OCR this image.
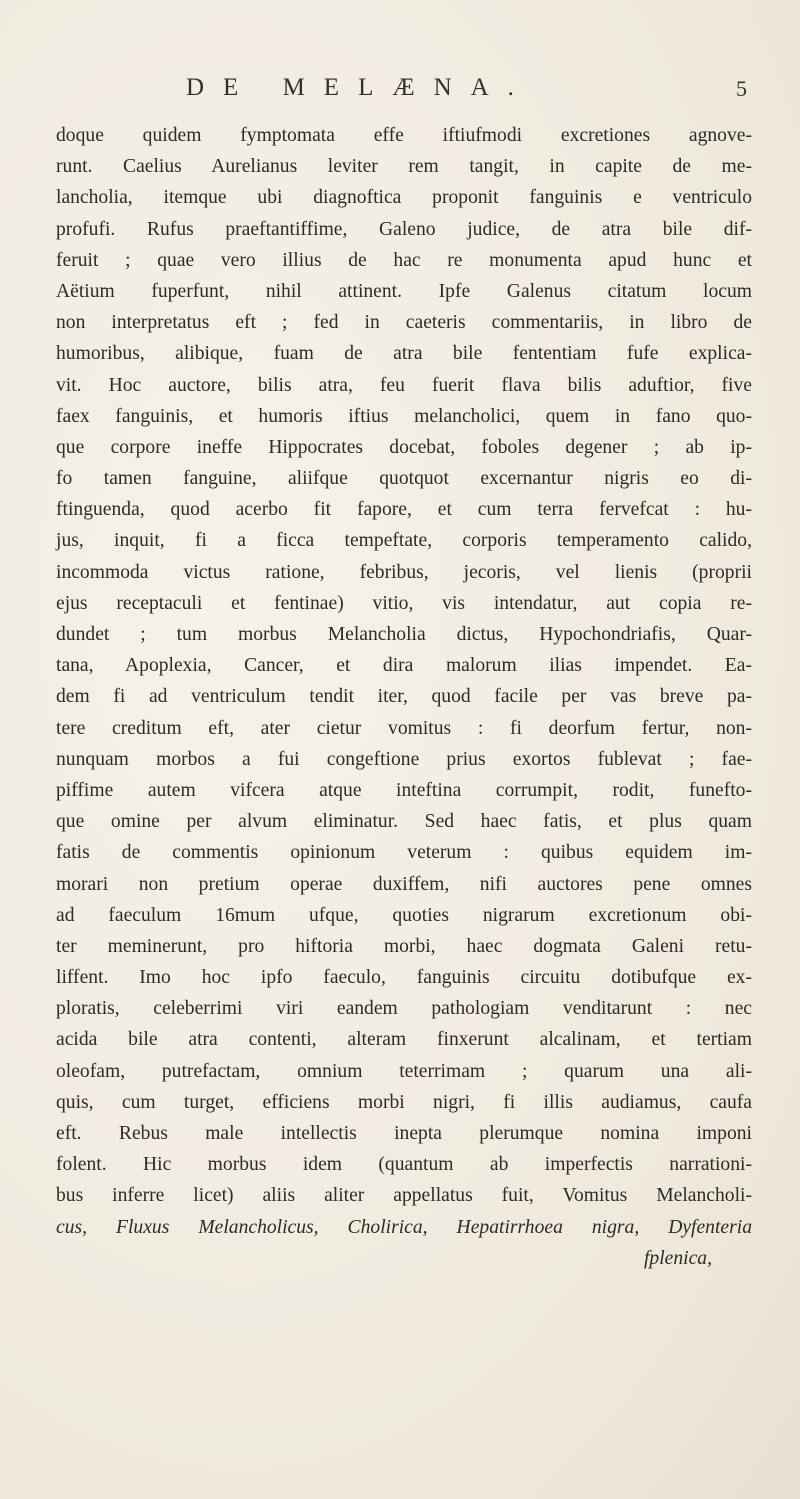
DE MELÆNA.	5
doque quidem fymptomata effe iftiufmodi excretiones agnove-
runt. Caelius Aurelianus leviter rem tangit, in capite de me-
lancholia, itemque ubi diagnoftica proponit fanguinis e ventriculo
profufi. Rufus praeftantiffime, Galeno judice, de atra bile dif-
feruit ; quae vero illius de hac re monumenta apud hunc et
Aëtium fuperfunt, nihil attinent. Ipfe Galenus citatum locum
non interpretatus eft ; fed in caeteris commentariis, in libro de
humoribus, alibique, fuam de atra bile fententiam fufe explica-
vit. Hoc auctore, bilis atra, feu fuerit flava bilis aduftior, five
faex fanguinis, et humoris iftius melancholici, quem in fano quo-
que corpore ineffe Hippocrates docebat, foboles degener ; ab ip-
fo tamen fanguine, aliifque quotquot excernantur nigris eo di-
ftinguenda, quod acerbo fit fapore, et cum terra fervefcat : hu-
jus, inquit, fi a ficca tempeftate, corporis temperamento calido,
incommoda victus ratione, febribus, jecoris, vel lienis (proprii
ejus receptaculi et fentinae) vitio, vis intendatur, aut copia re-
dundet ; tum morbus Melancholia dictus, Hypochondriafis, Quar-
tana, Apoplexia, Cancer, et dira malorum ilias impendet. Ea-
dem fi ad ventriculum tendit iter, quod facile per vas breve pa-
tere creditum eft, ater cietur vomitus : fi deorfum fertur, non-
nunquam morbos a fui congeftione prius exortos fublevat ; fae-
piffime autem vifcera atque inteftina corrumpit, rodit, funefto-
que omine per alvum eliminatur. Sed haec fatis, et plus quam
fatis de commentis opinionum veterum : quibus equidem im-
morari non pretium operae duxiffem, nifi auctores pene omnes
ad faeculum 16mum ufque, quoties nigrarum excretionum obi-
ter meminerunt, pro hiftoria morbi, haec dogmata Galeni retu-
liffent. Imo hoc ipfo faeculo, fanguinis circuitu dotibufque ex-
ploratis, celeberrimi viri eandem pathologiam venditarunt : nec
acida bile atra contenti, alteram finxerunt alcalinam, et tertiam
oleofam, putrefactam, omnium teterrimam ; quarum una ali-
quis, cum turget, efficiens morbi nigri, fi illis audiamus, caufa
eft. Rebus male intellectis inepta plerumque nomina imponi
folent. Hic morbus idem (quantum ab imperfectis narrationi-
bus inferre licet) aliis aliter appellatus fuit, Vomitus Melancholi-
cus, Fluxus Melancholicus, Cholirica, Hepatirrhoea nigra, Dyfenteria
fplenica,
